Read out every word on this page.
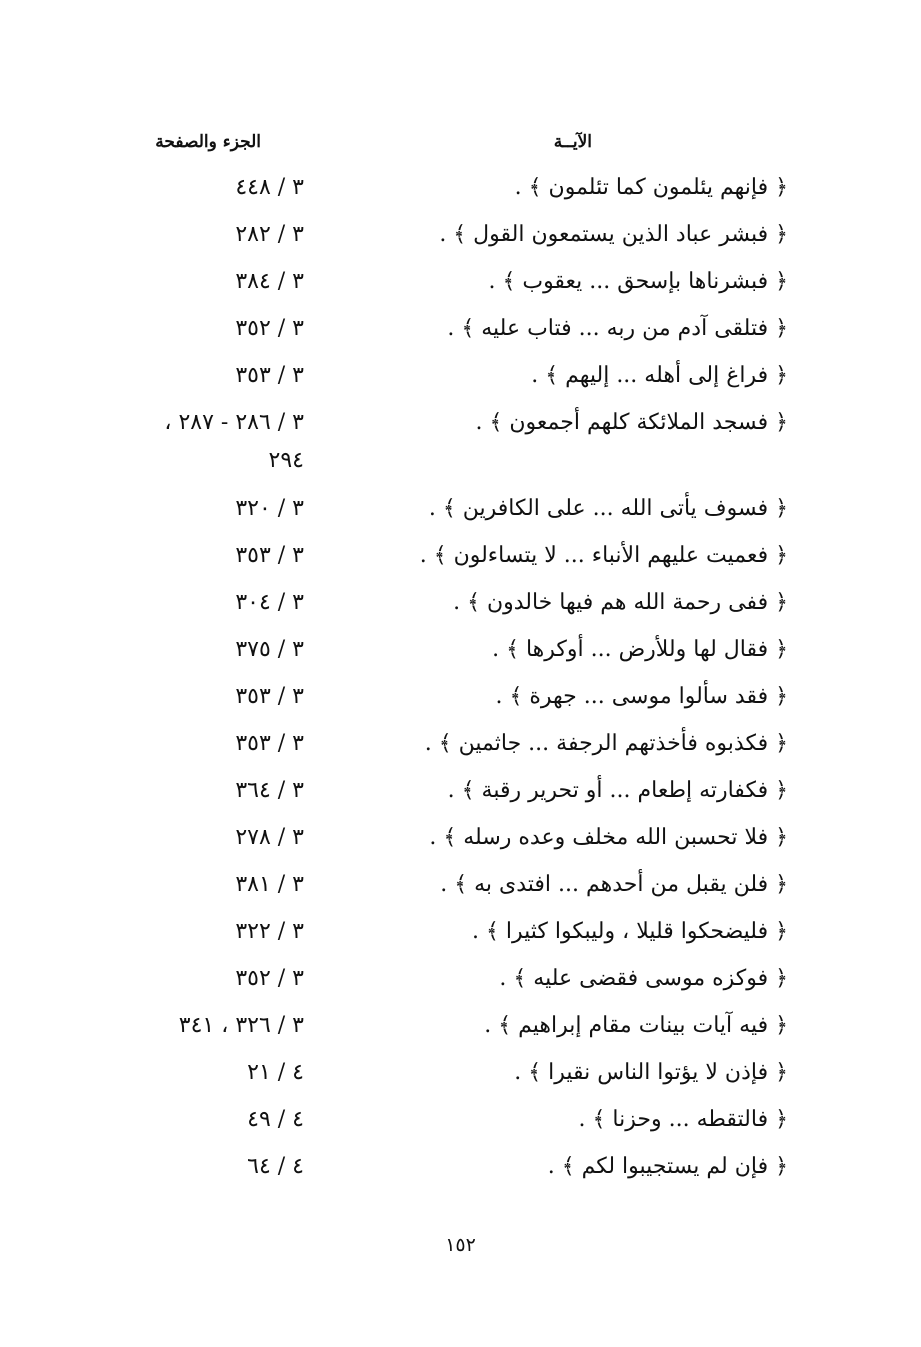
الآيــة
الجزء والصفحة
﴿ فإنهم يئلمون كما تئلمون ﴾ .
٣ / ٤٤٨
﴿ فبشر عباد الذين يستمعون القول ﴾ .
٣ / ٢٨٢
﴿ فبشرناها بإسحق ... يعقوب ﴾ .
٣ / ٣٨٤
﴿ فتلقى آدم من ربه ... فتاب عليه ﴾ .
٣ / ٣٥٢
﴿ فراغ إلى أهله ... إليهم ﴾ .
٣ / ٣٥٣
﴿ فسجد الملائكة كلهم أجمعون ﴾ .
٣ / ٢٨٦ - ٢٨٧ ،
٢٩٤
﴿ فسوف يأتى الله ... على الكافرين ﴾ .
٣ / ٣٢٠
﴿ فعميت عليهم الأنباء ... لا يتساءلون ﴾ .
٣ / ٣٥٣
﴿ ففى رحمة الله هم فيها خالدون ﴾ .
٣ / ٣٠٤
﴿ فقال لها وللأرض ... أوكرها ﴾ .
٣ / ٣٧٥
﴿ فقد سألوا موسى ... جهرة ﴾ .
٣ / ٣٥٣
﴿ فكذبوه فأخذتهم الرجفة ... جاثمين ﴾ .
٣ / ٣٥٣
﴿ فكفارته إطعام ... أو تحرير رقبة ﴾ .
٣ / ٣٦٤
﴿ فلا تحسبن الله مخلف وعده رسله ﴾ .
٣ / ٢٧٨
﴿ فلن يقبل من أحدهم ... افتدى به ﴾ .
٣ / ٣٨١
﴿ فليضحكوا قليلا ، وليبكوا كثيرا ﴾ .
٣ / ٣٢٢
﴿ فوكزه موسى فقضى عليه ﴾ .
٣ / ٣٥٢
﴿ فيه آيات بينات مقام إبراهيم ﴾ .
٣ / ٣٢٦ ، ٣٤١
﴿ فإذن لا يؤتوا الناس نقيرا ﴾ .
٤ / ٢١
﴿ فالتقطه ... وحزنا ﴾ .
٤ / ٤٩
﴿ فإن لم يستجيبوا لكم ﴾ .
٤ / ٦٤
١٥٢
